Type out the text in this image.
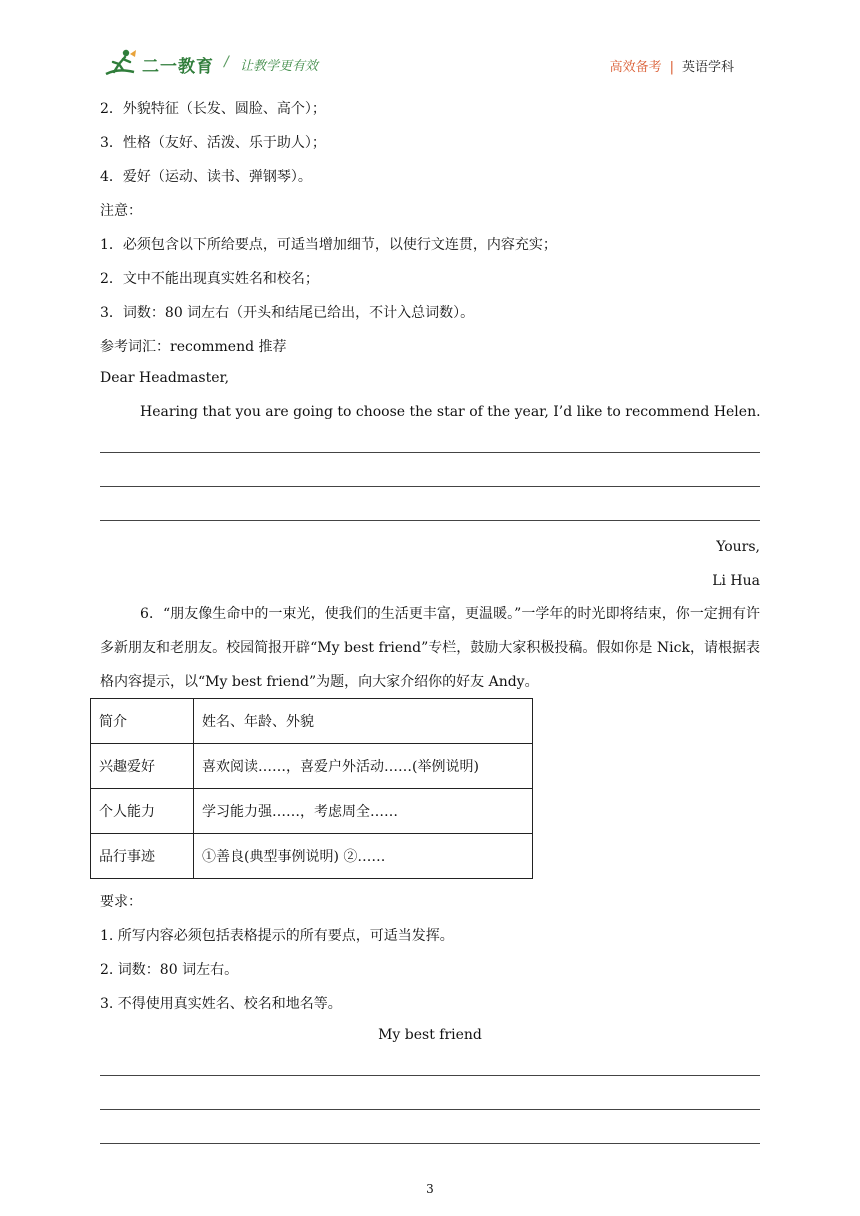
二一教育 / 让教学更有效	高效备考 | 英语学科
2．外貌特征（长发、圆脸、高个）；
3．性格（友好、活泼、乐于助人）；
4．爱好（运动、读书、弹钢琴）。
注意：
1．必须包含以下所给要点，可适当增加细节，以使行文连贯，内容充实；
2．文中不能出现真实姓名和校名；
3．词数：80 词左右（开头和结尾已给出，不计入总词数）。
参考词汇：recommend 推荐
Dear Headmaster,
Hearing that you are going to choose the star of the year, I’d like to recommend Helen.
Yours,
Li Hua
6．“朋友像生命中的一束光，使我们的生活更丰富，更温暖。”一学年的时光即将结束，你一定拥有许多新朋友和老朋友。校园简报开辟“My best friend”专栏，鼓励大家积极投稿。假如你是 Nick，请根据表格内容提示，以“My best friend”为题，向大家介绍你的好友 Andy。
简介	姓名、年龄、外貌
兴趣爱好	喜欢阅读……，喜爱户外活动……(举例说明)
个人能力	学习能力强……，考虑周全……
品行事迹	①善良(典型事例说明) ②……
要求：
1. 所写内容必须包括表格提示的所有要点，可适当发挥。
2. 词数：80 词左右。
3. 不得使用真实姓名、校名和地名等。
My best friend
3
